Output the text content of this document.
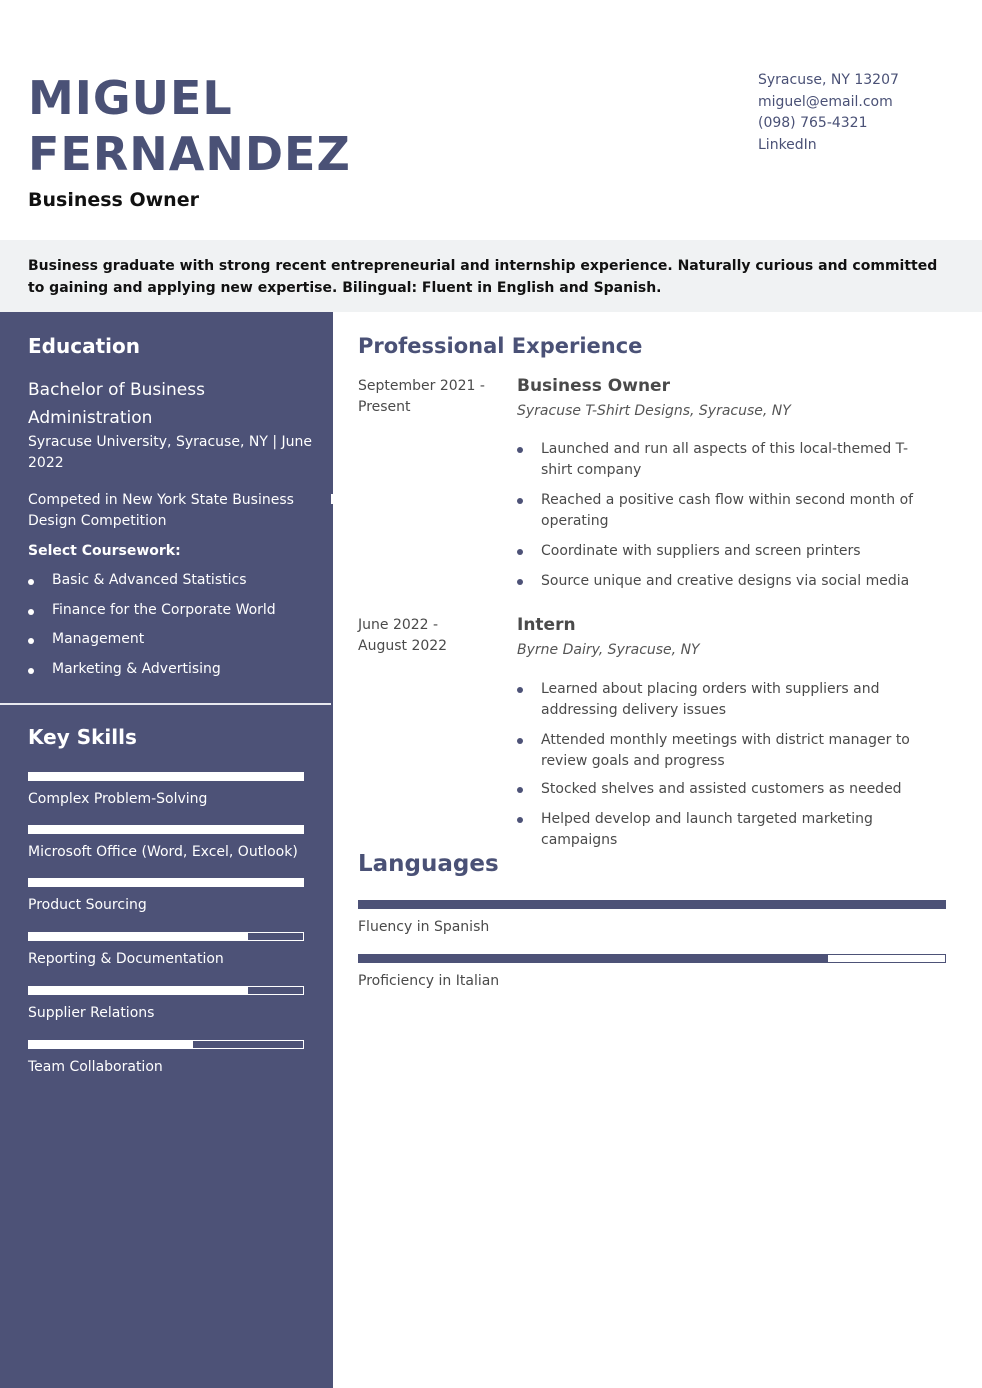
MIGUEL
FERNANDEZ
Business Owner
Syracuse, NY 13207
miguel@email.com
(098) 765-4321
LinkedIn
Business graduate with strong recent entrepreneurial and internship experience. Naturally curious and committed to gaining and applying new expertise. Bilingual: Fluent in English and Spanish.
Education
Bachelor of Business Administration
Syracuse University, Syracuse, NY | June 2022
Competed in New York State Business Design Competition
Select Coursework:
Basic & Advanced Statistics
Finance for the Corporate World
Management
Marketing & Advertising
Key Skills
Complex Problem-Solving
Microsoft Office (Word, Excel, Outlook)
Product Sourcing
Reporting & Documentation
Supplier Relations
Team Collaboration
Professional Experience
September 2021 - Present
Business Owner
Syracuse T-Shirt Designs, Syracuse, NY
Launched and run all aspects of this local-themed T-shirt company
Reached a positive cash flow within second month of operating
Coordinate with suppliers and screen printers
Source unique and creative designs via social media
June 2022 - August 2022
Intern
Byrne Dairy, Syracuse, NY
Learned about placing orders with suppliers and addressing delivery issues
Attended monthly meetings with district manager to review goals and progress
Stocked shelves and assisted customers as needed
Helped develop and launch targeted marketing campaigns
Languages
Fluency in Spanish
Proficiency in Italian
